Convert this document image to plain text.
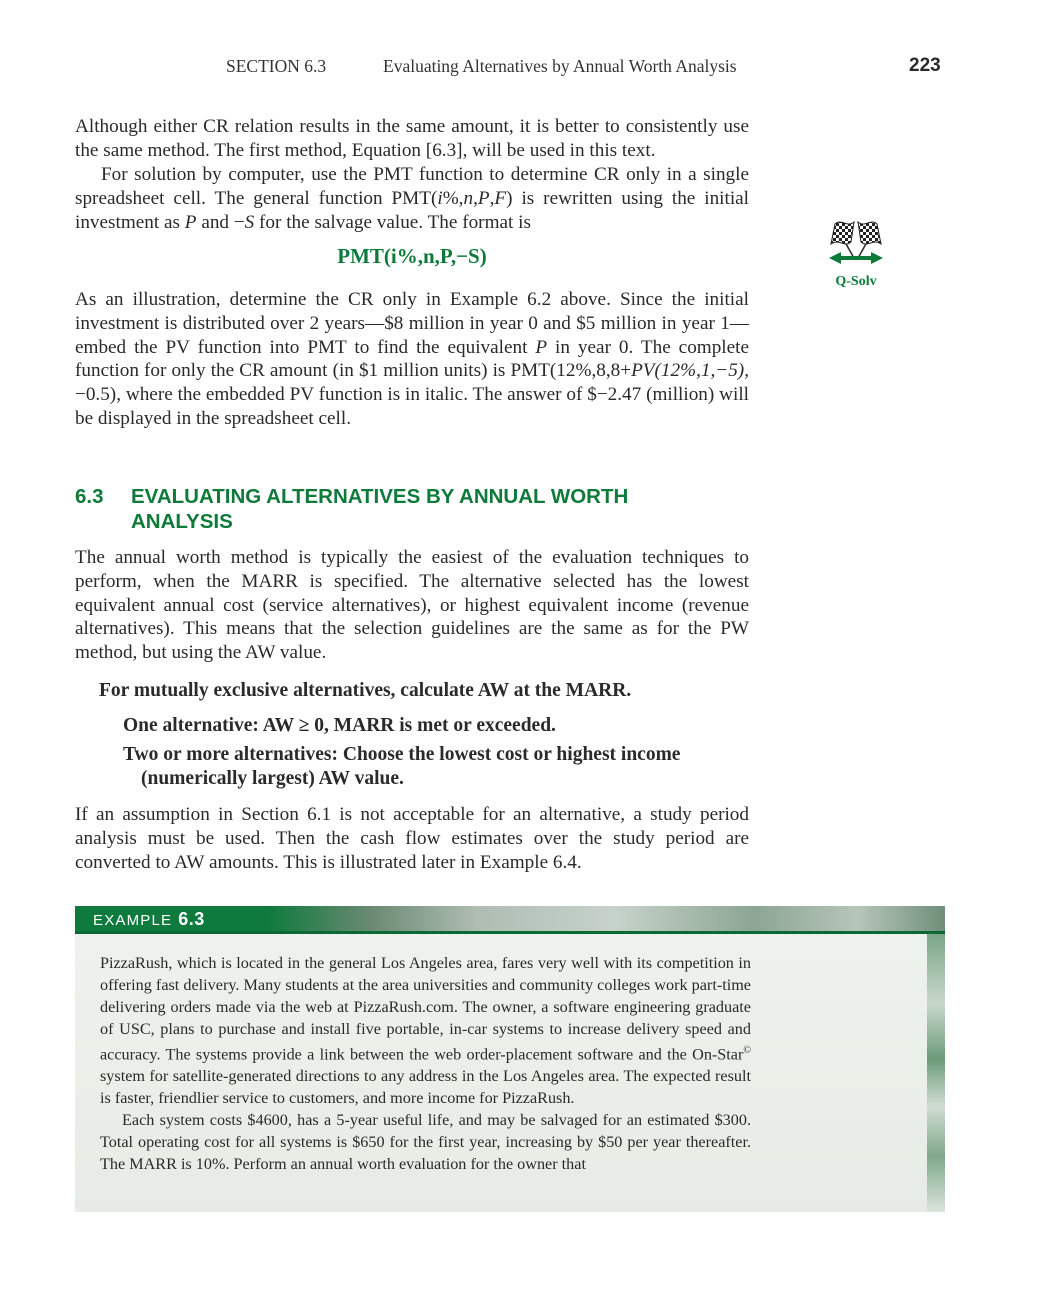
SECTION 6.3	Evaluating Alternatives by Annual Worth Analysis	223

Although either CR relation results in the same amount, it is better to consistently use the same method. The first method, Equation [6.3], will be used in this text.

For solution by computer, use the PMT function to determine CR only in a single spreadsheet cell. The general function PMT(i%,n,P,F) is rewritten using the initial investment as P and −S for the salvage value. The format is

PMT(i%,n,P,−S)
Q-Solv

As an illustration, determine the CR only in Example 6.2 above. Since the initial investment is distributed over 2 years—$8 million in year 0 and $5 million in year 1—embed the PV function into PMT to find the equivalent P in year 0. The complete function for only the CR amount (in $1 million units) is PMT(12%,8,8+PV(12%,1,−5),−0.5), where the embedded PV function is in italic. The answer of $−2.47 (million) will be displayed in the spreadsheet cell.

6.3 EVALUATING ALTERNATIVES BY ANNUAL WORTH ANALYSIS

The annual worth method is typically the easiest of the evaluation techniques to perform, when the MARR is specified. The alternative selected has the lowest equivalent annual cost (service alternatives), or highest equivalent income (revenue alternatives). This means that the selection guidelines are the same as for the PW method, but using the AW value.

For mutually exclusive alternatives, calculate AW at the MARR.
One alternative: AW ≥ 0, MARR is met or exceeded.
Two or more alternatives: Choose the lowest cost or highest income (numerically largest) AW value.

If an assumption in Section 6.1 is not acceptable for an alternative, a study period analysis must be used. Then the cash flow estimates over the study period are converted to AW amounts. This is illustrated later in Example 6.4.

EXAMPLE 6.3

PizzaRush, which is located in the general Los Angeles area, fares very well with its competition in offering fast delivery. Many students at the area universities and community colleges work part-time delivering orders made via the web at PizzaRush.com. The owner, a software engineering graduate of USC, plans to purchase and install five portable, in-car systems to increase delivery speed and accuracy. The systems provide a link between the web order-placement software and the On-Star© system for satellite-generated directions to any address in the Los Angeles area. The expected result is faster, friendlier service to customers, and more income for PizzaRush.

Each system costs $4600, has a 5-year useful life, and may be salvaged for an estimated $300. Total operating cost for all systems is $650 for the first year, increasing by $50 per year thereafter. The MARR is 10%. Perform an annual worth evaluation for the owner that
